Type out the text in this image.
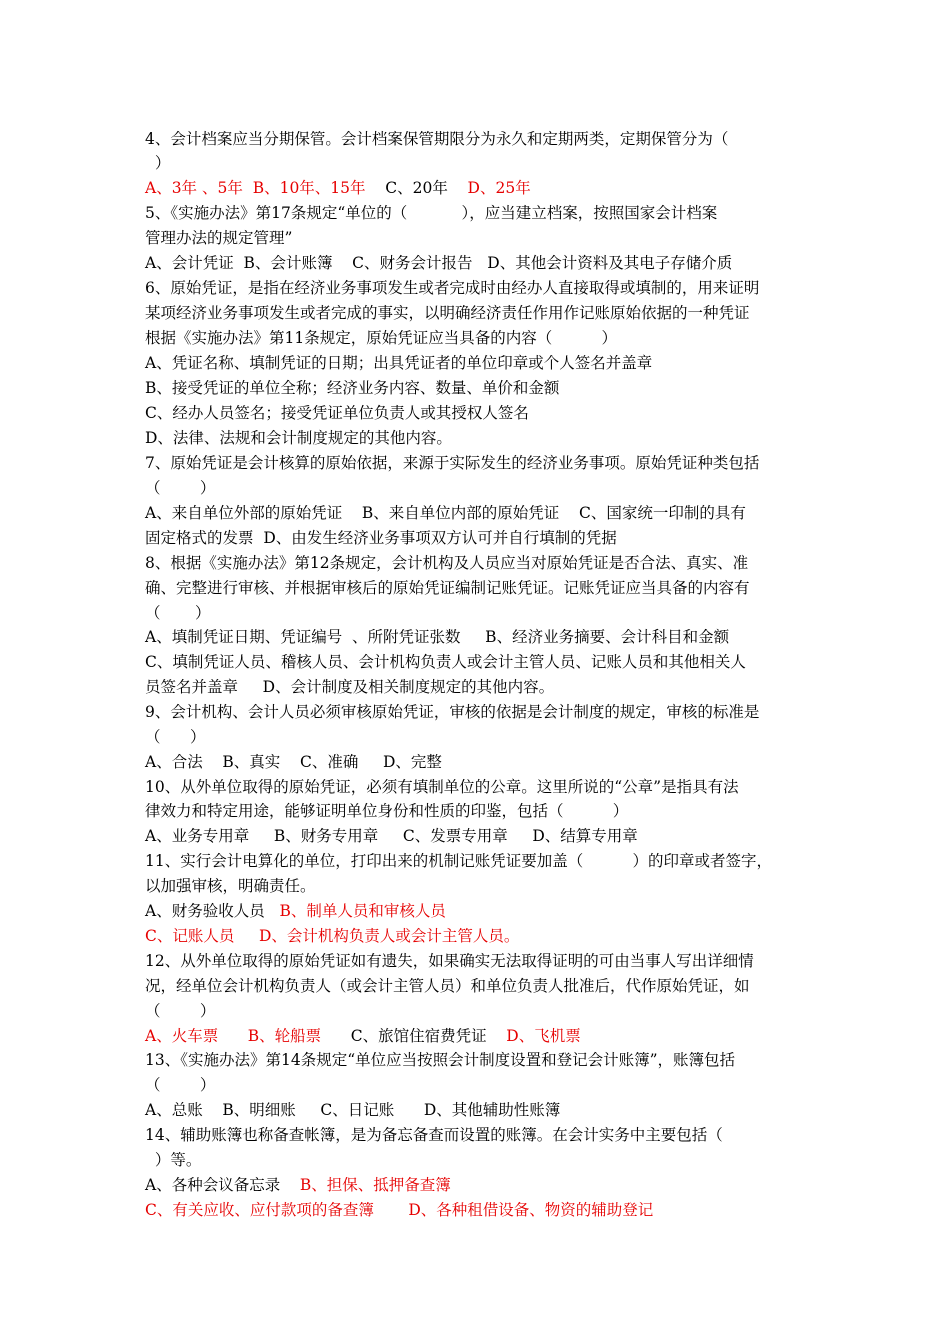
4、会计档案应当分期保管。会计档案保管期限分为永久和定期两类，定期保管分为（
）
A、3年 、5年  B、10年、15年    C、20年    D、25年
5、《实施办法》第17条规定“单位的（           ），应当建立档案，按照国家会计档案
管理办法的规定管理”
A、会计凭证  B、会计账簿    C、财务会计报告   D、其他会计资料及其电子存储介质
6、原始凭证，是指在经济业务事项发生或者完成时由经办人直接取得或填制的，用来证明
某项经济业务事项发生或者完成的事实，以明确经济责任作用作记账原始依据的一种凭证
根据《实施办法》第11条规定，原始凭证应当具备的内容（          ）
A、凭证名称、填制凭证的日期；出具凭证者的单位印章或个人签名并盖章
B、接受凭证的单位全称；经济业务内容、数量、单价和金额
C、经办人员签名；接受凭证单位负责人或其授权人签名
D、法律、法规和会计制度规定的其他内容。
7、原始凭证是会计核算的原始依据，来源于实际发生的经济业务事项。原始凭证种类包括
（        ）
A、来自单位外部的原始凭证    B、来自单位内部的原始凭证    C、国家统一印制的具有
固定格式的发票  D、由发生经济业务事项双方认可并自行填制的凭据
8、根据《实施办法》第12条规定，会计机构及人员应当对原始凭证是否合法、真实、准
确、完整进行审核、并根据审核后的原始凭证编制记账凭证。记账凭证应当具备的内容有
（       ）
A、填制凭证日期、凭证编号  、所附凭证张数     B、经济业务摘要、会计科目和金额
C、填制凭证人员、稽核人员、会计机构负责人或会计主管人员、记账人员和其他相关人
员签名并盖章     D、会计制度及相关制度规定的其他内容。
9、会计机构、会计人员必须审核原始凭证，审核的依据是会计制度的规定，审核的标准是
（      ）
A、合法    B、真实    C、准确     D、完整
10、从外单位取得的原始凭证，必须有填制单位的公章。这里所说的“公章”是指具有法
律效力和特定用途，能够证明单位身份和性质的印鉴，包括（          ）
A、业务专用章     B、财务专用章     C、发票专用章     D、结算专用章
11、实行会计电算化的单位，打印出来的机制记账凭证要加盖（          ）的印章或者签字，
以加强审核，明确责任。
A、财务验收人员   B、制单人员和审核人员
C、记账人员     D、会计机构负责人或会计主管人员。
12、从外单位取得的原始凭证如有遗失，如果确实无法取得证明的可由当事人写出详细情
况，经单位会计机构负责人（或会计主管人员）和单位负责人批准后，代作原始凭证，如
（        ）
A、火车票      B、轮船票      C、旅馆住宿费凭证    D、飞机票
13、《实施办法》第14条规定“单位应当按照会计制度设置和登记会计账簿”，账簿包括
（        ）
A、总账    B、明细账     C、日记账      D、其他辅助性账簿
14、辅助账簿也称备查帐簿，是为备忘备查而设置的账簿。在会计实务中主要包括（
）等。
A、各种会议备忘录    B、担保、抵押备查簿
C、有关应收、应付款项的备查簿       D、各种租借设备、物资的辅助登记
